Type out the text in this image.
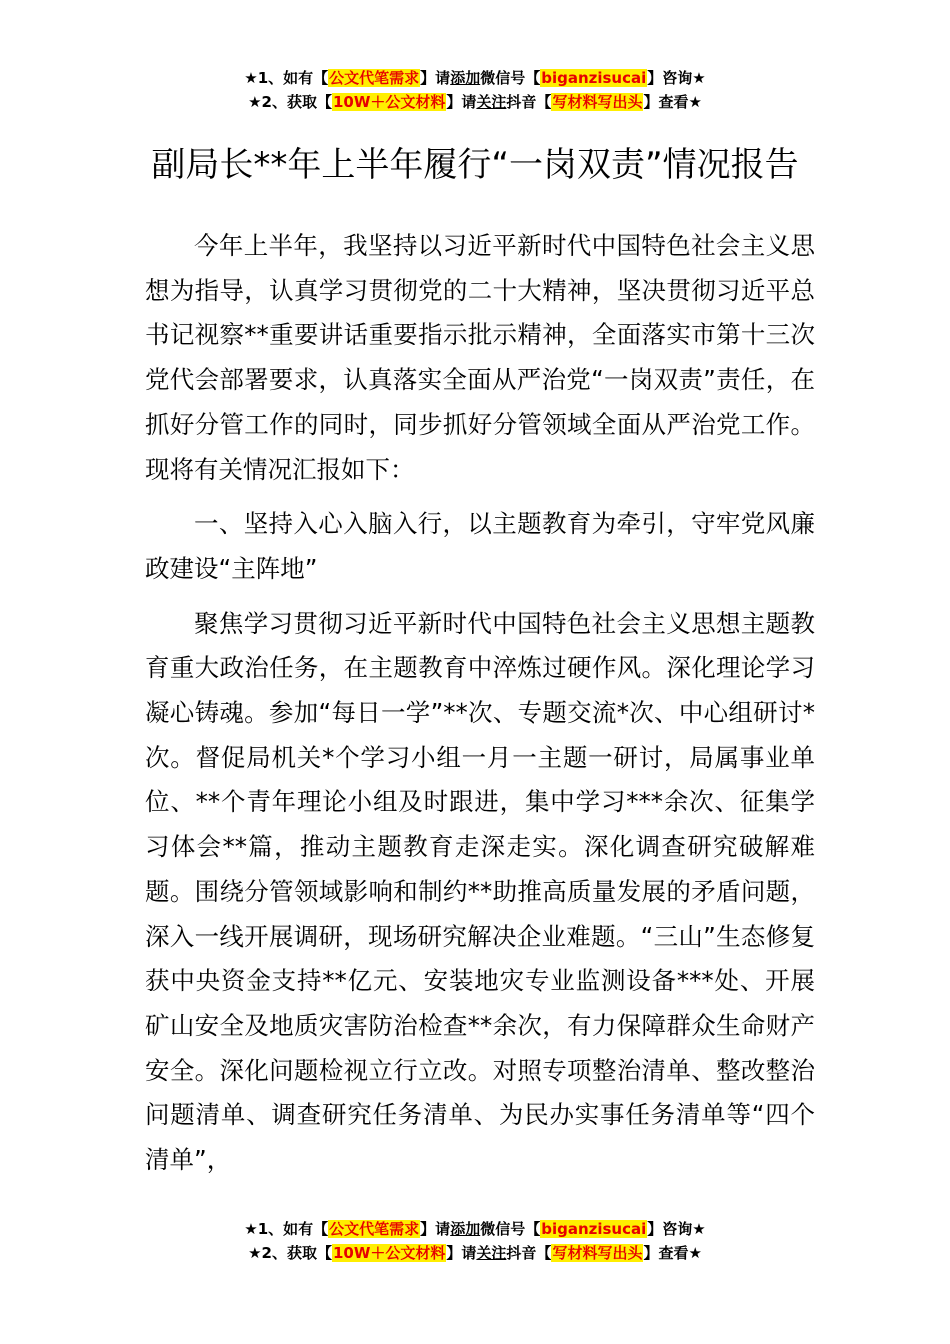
★1、如有【公文代笔需求】请添加微信号【biganzisucai】咨询★
★2、获取【10W＋公文材料】请关注抖音【写材料写出头】查看★
副局长**年上半年履行“一岗双责”情况报告

今年上半年，我坚持以习近平新时代中国特色社会主义思想为指导，认真学习贯彻党的二十大精神，坚决贯彻习近平总书记视察**重要讲话重要指示批示精神，全面落实市第十三次党代会部署要求，认真落实全面从严治党“一岗双责”责任，在抓好分管工作的同时，同步抓好分管领域全面从严治党工作。现将有关情况汇报如下：

一、坚持入心入脑入行，以主题教育为牵引，守牢党风廉政建设“主阵地”

聚焦学习贯彻习近平新时代中国特色社会主义思想主题教育重大政治任务，在主题教育中淬炼过硬作风。深化理论学习凝心铸魂。参加“每日一学”**次、专题交流*次、中心组研讨*次。督促局机关*个学习小组一月一主题一研讨，局属事业单位、**个青年理论小组及时跟进，集中学习***余次、征集学习体会**篇，推动主题教育走深走实。深化调查研究破解难题。围绕分管领域影响和制约**助推高质量发展的矛盾问题，深入一线开展调研，现场研究解决企业难题。“三山”生态修复获中央资金支持**亿元、安装地灾专业监测设备***处、开展矿山安全及地质灾害防治检查**余次，有力保障群众生命财产安全。深化问题检视立行立改。对照专项整治清单、整改整治问题清单、调查研究任务清单、为民办实事任务清单等“四个清单”，

★1、如有【公文代笔需求】请添加微信号【biganzisucai】咨询★
★2、获取【10W＋公文材料】请关注抖音【写材料写出头】查看★
